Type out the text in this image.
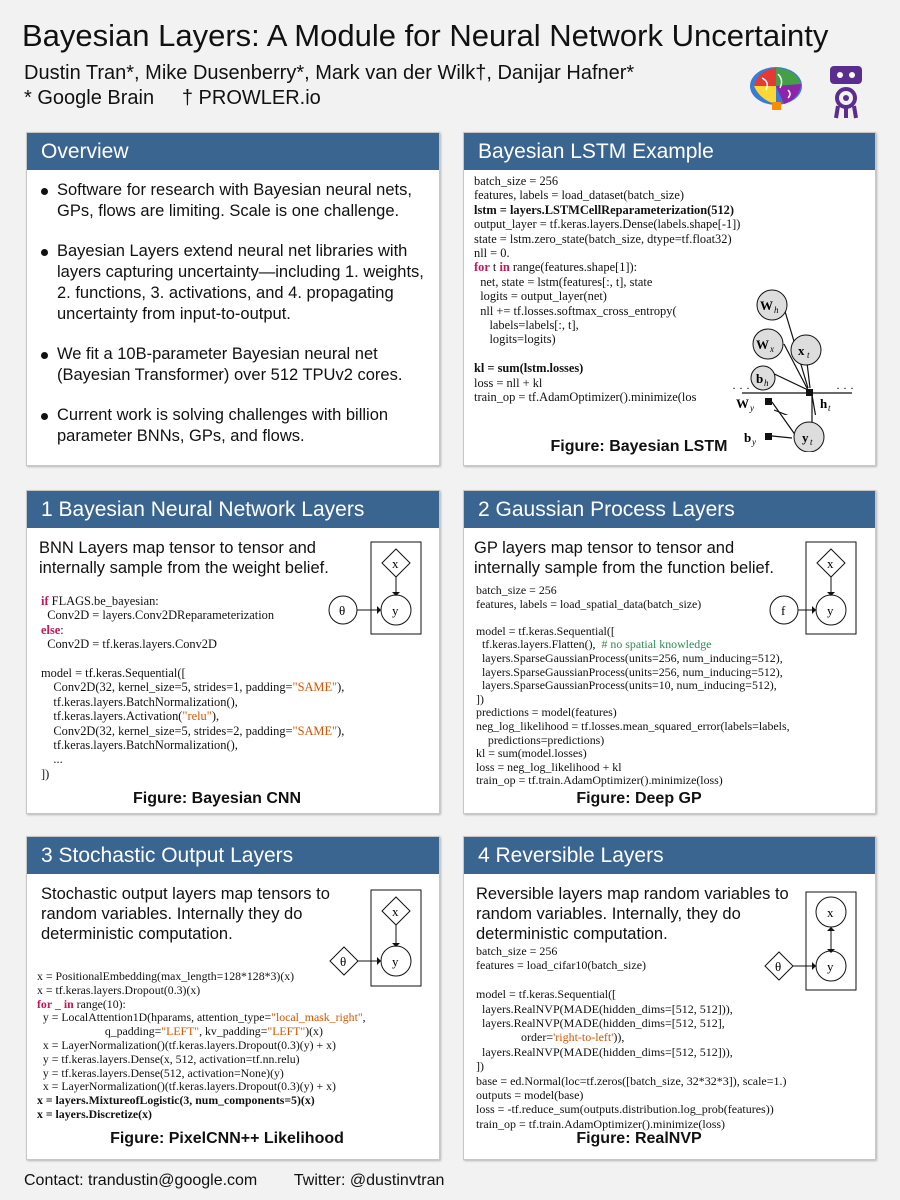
Bayesian Layers: A Module for Neural Network Uncertainty
Dustin Tran*, Mike Dusenberry*, Mark van der Wilk†, Danijar Hafner*
* Google Brain     † PROWLER.io
Overview
Software for research with Bayesian neural nets, GPs, flows are limiting. Scale is one challenge.
Bayesian Layers extend neural net libraries with layers capturing uncertainty—including 1. weights, 2. functions, 3. activations, and 4. propagating uncertainty from input-to-output.
We fit a 10B-parameter Bayesian neural net (Bayesian Transformer) over 512 TPUv2 cores.
Current work is solving challenges with billion parameter BNNs, GPs, and flows.
Bayesian LSTM Example
batch_size = 256
features, labels = load_dataset(batch_size)
lstm = layers.LSTMCellReparameterization(512)
output_layer = tf.keras.layers.Dense(labels.shape[-1])
state = lstm.zero_state(batch_size, dtype=tf.float32)
nll = 0.
for t in range(features.shape[1]):
net, state = lstm(features[:, t], state
logits = output_layer(net)
nll += tf.losses.softmax_cross_entropy(
labels=labels[:, t],
logits=logits)

kl = sum(lstm.losses)
loss = nll + kl
train_op = tf.AdamOptimizer().minimize(los
W h
W x x t
b h	· · ·
· · ·
W y	h t
b y	y t
Figure: Bayesian LSTM
1 Bayesian Neural Network Layers
BNN Layers map tensor to tensor and internally sample from the weight belief.	x
y
θ
if FLAGS.be_bayesian:
Conv2D = layers.Conv2DReparameterization
else:
Conv2D = tf.keras.layers.Conv2D

model = tf.keras.Sequential([
Conv2D(32, kernel_size=5, strides=1, padding="SAME"),
tf.keras.layers.BatchNormalization(),
tf.keras.layers.Activation("relu"),
Conv2D(32, kernel_size=5, strides=2, padding="SAME"),
tf.keras.layers.BatchNormalization(),
...
])
Figure: Bayesian CNN
2 Gaussian Process Layers
GP layers map tensor to tensor and internally sample from the function belief.	x
y
f
batch_size = 256
features, labels = load_spatial_data(batch_size)

model = tf.keras.Sequential([
tf.keras.layers.Flatten(),  # no spatial knowledge
layers.SparseGaussianProcess(units=256, num_inducing=512),
layers.SparseGaussianProcess(units=256, num_inducing=512),
layers.SparseGaussianProcess(units=10, num_inducing=512),
])
predictions = model(features)
neg_log_likelihood = tf.losses.mean_squared_error(labels=labels,
predictions=predictions)
kl = sum(model.losses)
loss = neg_log_likelihood + kl
train_op = tf.train.AdamOptimizer().minimize(loss)
Figure: Deep GP
3 Stochastic Output Layers
Stochastic output layers map tensors to random variables. Internally they do deterministic computation.
x
y
θ
x = PositionalEmbedding(max_length=128*128*3)(x)
x = tf.keras.layers.Dropout(0.3)(x)
for _ in range(10):
y = LocalAttention1D(hparams, attention_type="local_mask_right",
q_padding="LEFT", kv_padding="LEFT")(x)
x = LayerNormalization()(tf.keras.layers.Dropout(0.3)(y) + x)
y = tf.keras.layers.Dense(x, 512, activation=tf.nn.relu)
y = tf.keras.layers.Dense(512, activation=None)(y)
x = LayerNormalization()(tf.keras.layers.Dropout(0.3)(y) + x)
x = layers.MixtureofLogistic(3, num_components=5)(x)
x = layers.Discretize(x)
Figure: PixelCNN++ Likelihood
4 Reversible Layers
Reversible layers map random variables to random variables. Internally, they do deterministic computation.
x
y
θ
batch_size = 256
features = load_cifar10(batch_size)

model = tf.keras.Sequential([
layers.RealNVP(MADE(hidden_dims=[512, 512])),
layers.RealNVP(MADE(hidden_dims=[512, 512],
order='right-to-left')),
layers.RealNVP(MADE(hidden_dims=[512, 512])),
])
base = ed.Normal(loc=tf.zeros([batch_size, 32*32*3]), scale=1.)
outputs = model(base)
loss = -tf.reduce_sum(outputs.distribution.log_prob(features))
train_op = tf.train.AdamOptimizer().minimize(loss)
Figure: RealNVP
Contact: trandustin@google.com Twitter: @dustinvtran
